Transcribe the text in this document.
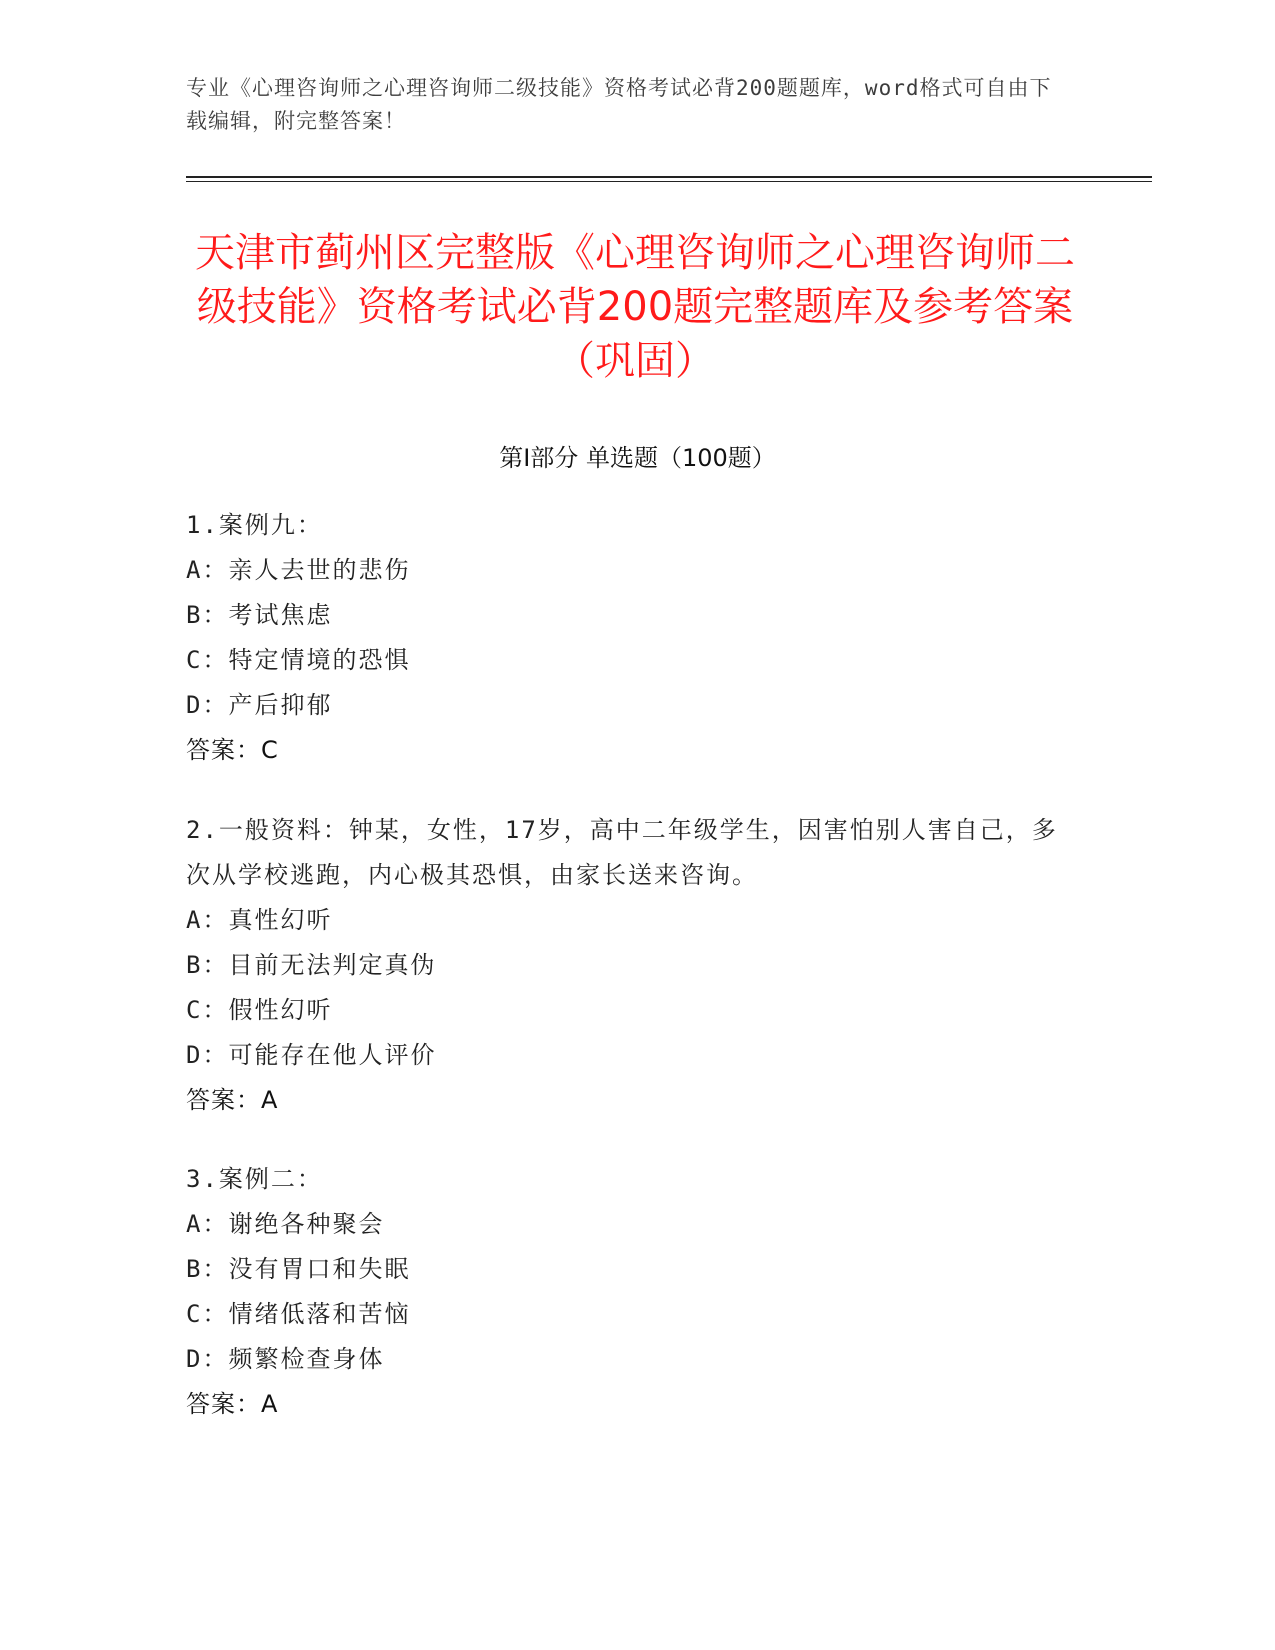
专业《心理咨询师之心理咨询师二级技能》资格考试必背200题题库，word格式可自由下载编辑，附完整答案！
天津市蓟州区完整版《心理咨询师之心理咨询师二级技能》资格考试必背200题完整题库及参考答案（巩固）
第Ⅰ部分 单选题（100题）
1.案例九：
A：亲人去世的悲伤
B：考试焦虑
C：特定情境的恐惧
D：产后抑郁
答案：C
2.一般资料：钟某，女性，17岁，高中二年级学生，因害怕别人害自己，多次从学校逃跑，内心极其恐惧，由家长送来咨询。
A：真性幻听
B：目前无法判定真伪
C：假性幻听
D：可能存在他人评价
答案：A
3.案例二：
A：谢绝各种聚会
B：没有胃口和失眠
C：情绪低落和苦恼
D：频繁检查身体
答案：A
